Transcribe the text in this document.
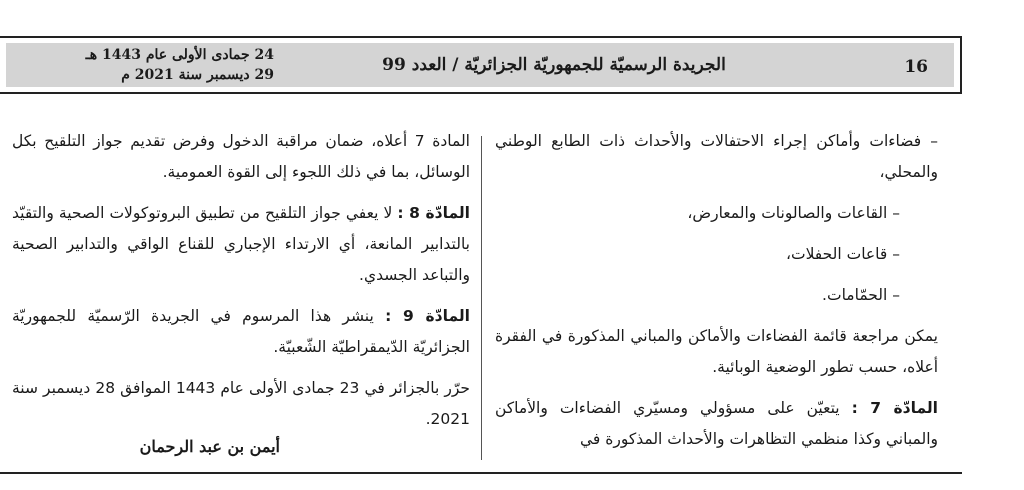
16
الجريدة الرسميّة للجمهوريّة الجزائريّة / العدد 99
24 جمادى الأولى عام 1443 هـ
29 ديسمبر سنة 2021 م

– فضاءات وأماكن إجراء الاحتفالات والأحداث ذات الطابع الوطني والمحلي،

– القاعات والصالونات والمعارض،

– قاعات الحفلات،

– الحمّامات.

يمكن مراجعة قائمة الفضاءات والأماكن والمباني المذكورة في الفقرة أعلاه، حسب تطور الوضعية الوبائية.

المادّة 7 : يتعيّن على مسؤولي ومسيّري الفضاءات والأماكن والمباني وكذا منظمي التظاهرات والأحداث المذكورة في

المادة 7 أعلاه، ضمان مراقبة الدخول وفرض تقديم جواز التلقيح بكل الوسائل، بما في ذلك اللجوء إلى القوة العمومية.

المادّة 8 : لا يعفي جواز التلقيح من تطبيق البروتوكولات الصحية والتقيّد بالتدابير المانعة، أي الارتداء الإجباري للقناع الواقي والتدابير الصحية والتباعد الجسدي.

المادّة 9 : ينشر هذا المرسوم في الجريدة الرّسميّة للجمهوريّة الجزائريّة الدّيمقراطيّة الشّعبيّة.

حرّر بالجزائر في 23 جمادى الأولى عام 1443 الموافق 28 ديسمبر سنة 2021.

أيمن بن عبد الرحمان
